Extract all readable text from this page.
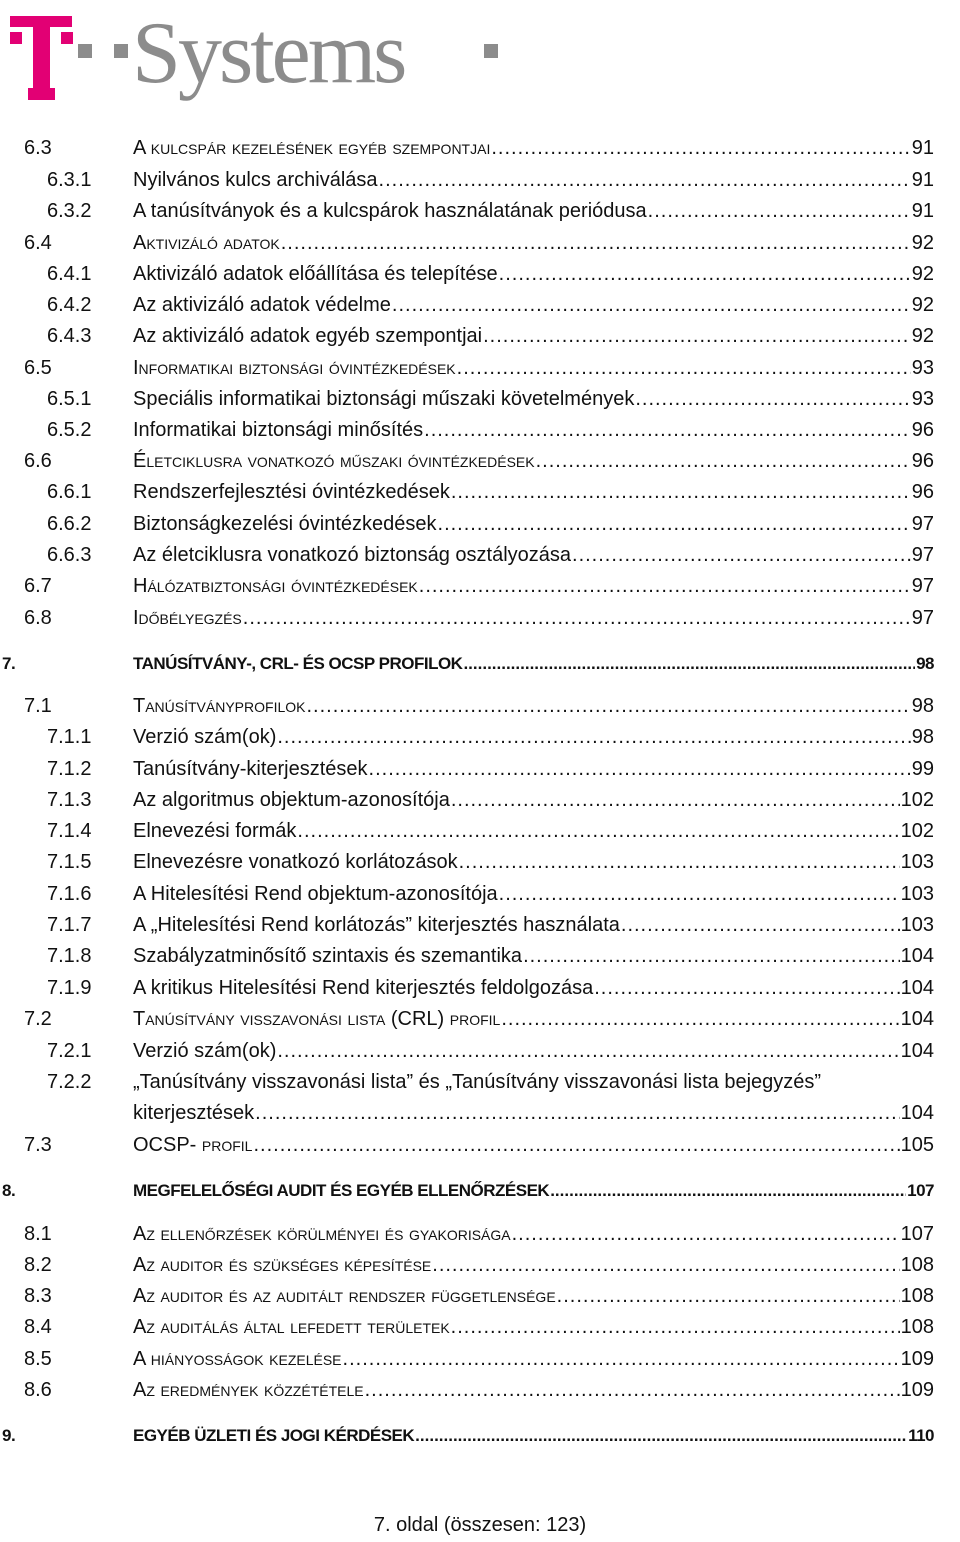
Systems
6.3	A kulcspár kezelésének egyéb szempontjai .....	91
6.3.1 Nyilvános kulcs archiválása .....	91
6.3.2 A tanúsítványok és a kulcspárok használatának periódusa .....	91
6.4	Aktivizáló adatok .....	92
6.4.1 Aktivizáló adatok előállítása és telepítése .....	92
6.4.2 Az aktivizáló adatok védelme .....	92
6.4.3 Az aktivizáló adatok egyéb szempontjai .....	92
6.5	Informatikai biztonsági óvintézkedések .....	93
6.5.1 Speciális informatikai biztonsági műszaki követelmények .....	93
6.5.2 Informatikai biztonsági minősítés .....	96
6.6	Életciklusra vonatkozó műszaki óvintézkedések .....	96
6.6.1 Rendszerfejlesztési óvintézkedések .....	96
6.6.2 Biztonságkezelési óvintézkedések .....	97
6.6.3 Az életciklusra vonatkozó biztonság osztályozása .....	97
6.7	Hálózatbiztonsági óvintézkedések .....	97
6.8	Időbélyegzés .....	97
7.	TANÚSÍTVÁNY-, CRL- ÉS OCSP PROFILOK .....	98
7.1	Tanúsítványprofilok .....	98
7.1.1 Verzió szám(ok) .....	98
7.1.2 Tanúsítvány-kiterjesztések .....	99
7.1.3 Az algoritmus objektum-azonosítója .....	102
7.1.4 Elnevezési formák .....	102
7.1.5 Elnevezésre vonatkozó korlátozások .....	103
7.1.6 A Hitelesítési Rend objektum-azonosítója .....	103
7.1.7 A „Hitelesítési Rend korlátozás” kiterjesztés használata .....	103
7.1.8 Szabályzatminősítő szintaxis és szemantika .....	104
7.1.9 A kritikus Hitelesítési Rend kiterjesztés feldolgozása .....	104
7.2	Tanúsítvány visszavonási lista (CRL) profil .....	104
7.2.1 Verzió szám(ok) .....	104
7.2.2 „Tanúsítvány visszavonási lista” és „Tanúsítvány visszavonási lista bejegyzés”
kiterjesztések .....	104
7.3	OCSP- profil .....	105
8.	MEGFELELŐSÉGI AUDIT ÉS EGYÉB ELLENŐRZÉSEK .....	107
8.1	Az ellenőrzések körülményei és gyakorisága .....	107
8.2	Az auditor és szükséges képesítése .....	108
8.3	Az auditor és az auditált rendszer függetlensége .....	108
8.4	Az auditálás által lefedett területek .....	108
8.5	A hiányosságok kezelése .....	109
8.6	Az eredmények közzététele .....	109
9.	EGYÉB ÜZLETI ÉS JOGI KÉRDÉSEK .....	110
7. oldal (összesen: 123)
